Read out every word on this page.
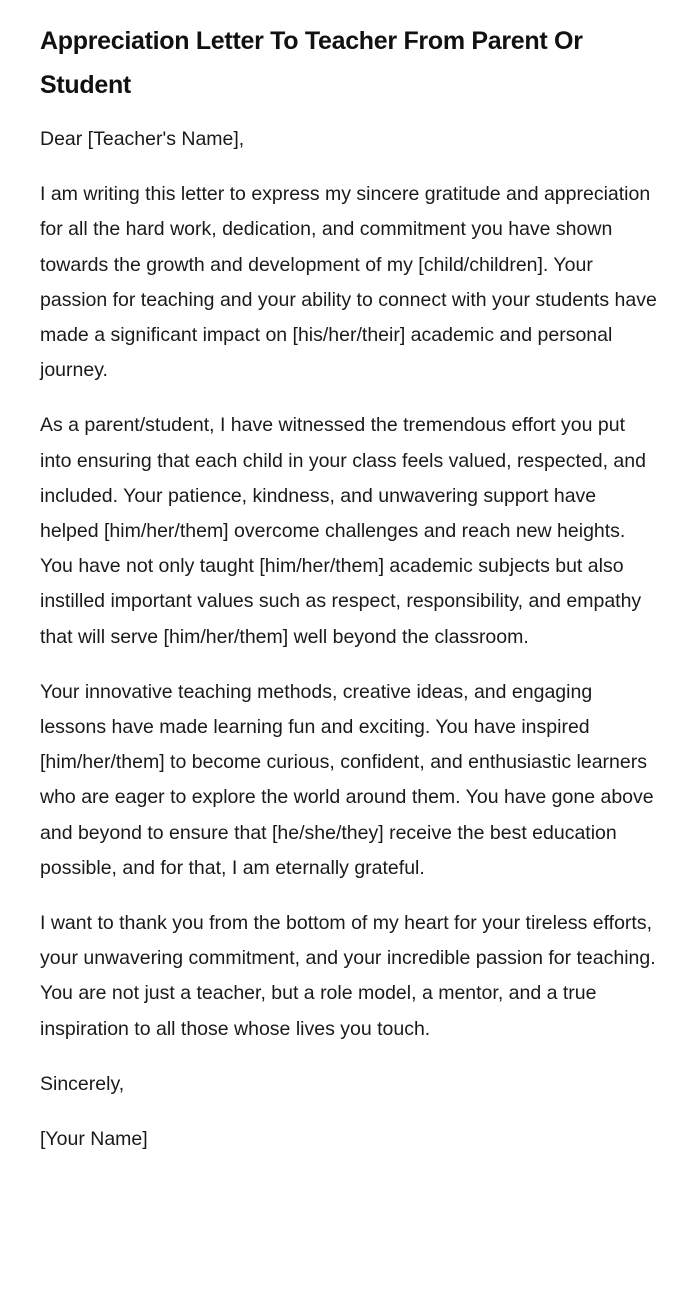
Appreciation Letter To Teacher From Parent Or Student

Dear [Teacher's Name],

I am writing this letter to express my sincere gratitude and appreciation for all the hard work, dedication, and commitment you have shown towards the growth and development of my [child/children]. Your passion for teaching and your ability to connect with your students have made a significant impact on [his/her/their] academic and personal journey.

As a parent/student, I have witnessed the tremendous effort you put into ensuring that each child in your class feels valued, respected, and included. Your patience, kindness, and unwavering support have helped [him/her/them] overcome challenges and reach new heights. You have not only taught [him/her/them] academic subjects but also instilled important values such as respect, responsibility, and empathy that will serve [him/her/them] well beyond the classroom.

Your innovative teaching methods, creative ideas, and engaging lessons have made learning fun and exciting. You have inspired [him/her/them] to become curious, confident, and enthusiastic learners who are eager to explore the world around them. You have gone above and beyond to ensure that [he/she/they] receive the best education possible, and for that, I am eternally grateful.

I want to thank you from the bottom of my heart for your tireless efforts, your unwavering commitment, and your incredible passion for teaching. You are not just a teacher, but a role model, a mentor, and a true inspiration to all those whose lives you touch.

Sincerely,

[Your Name]
